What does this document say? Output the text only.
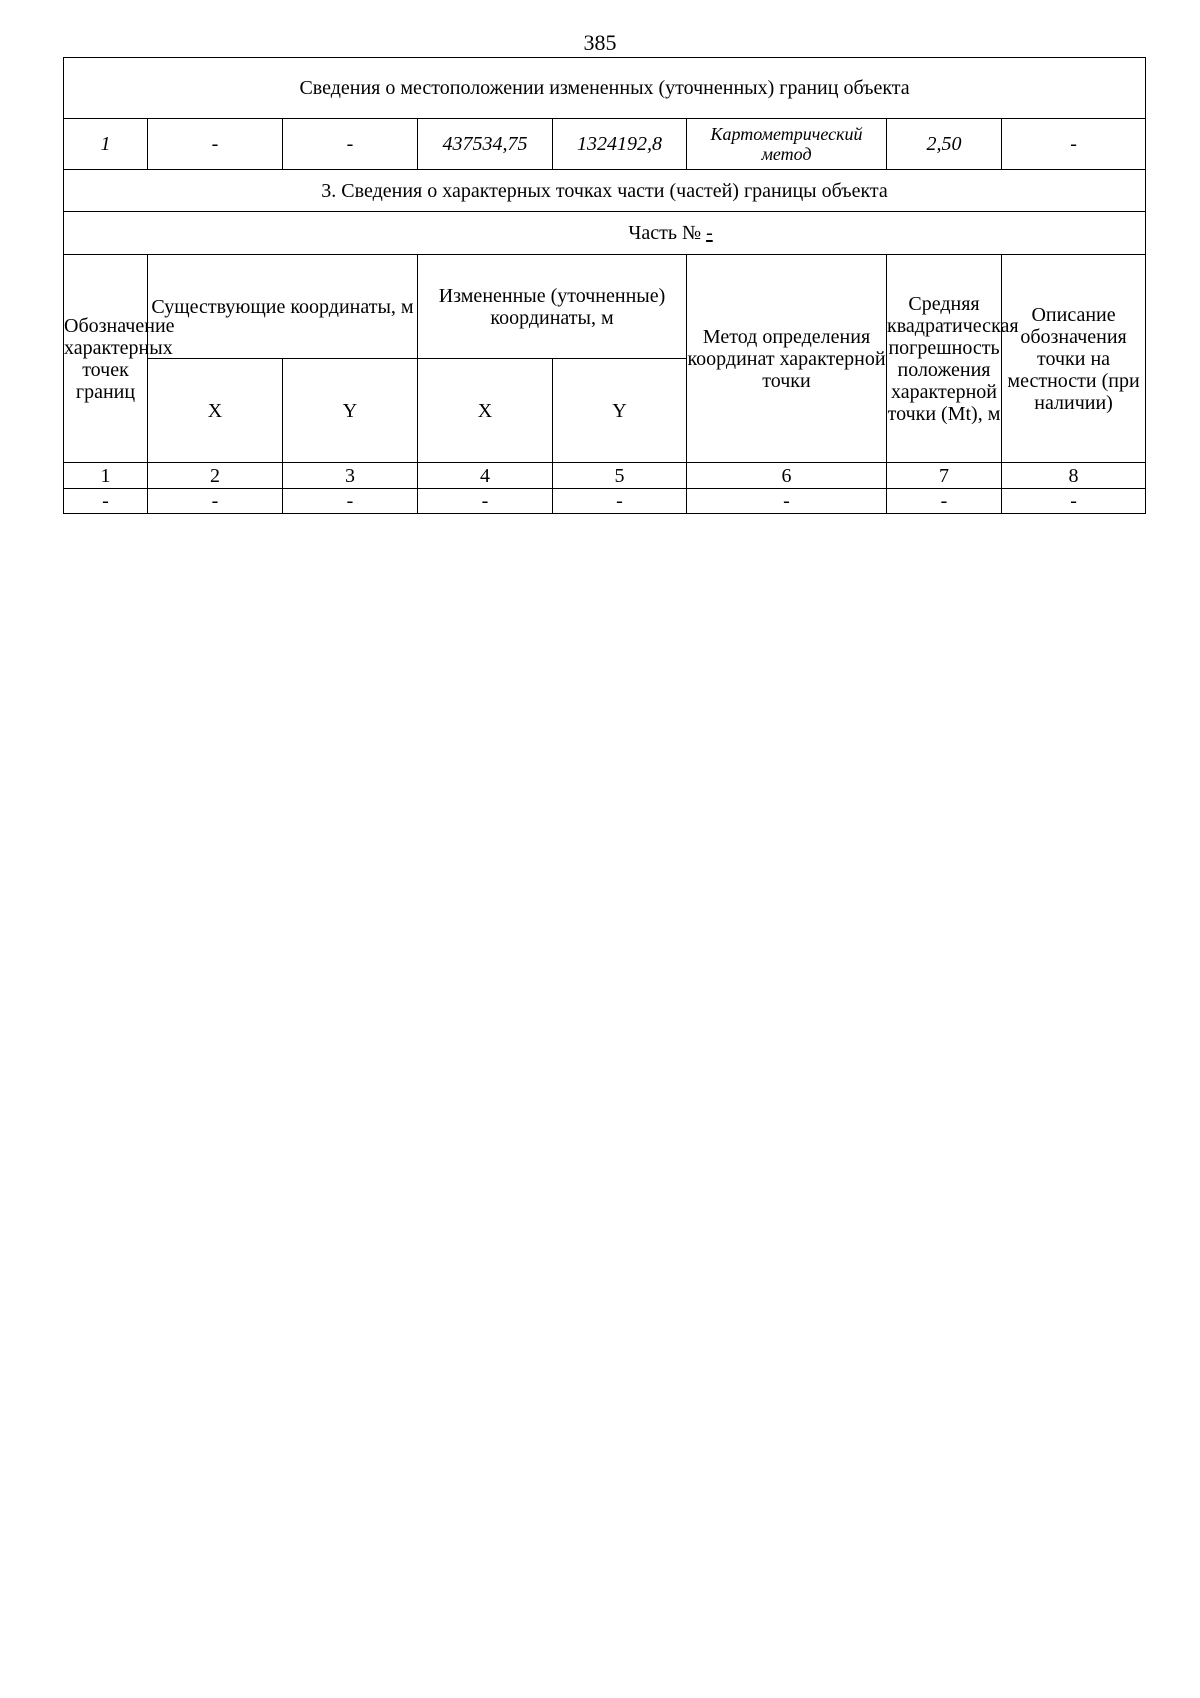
385
Сведения о местоположении измененных (уточненных) границ объекта							
1	-	-	437534,75	1324192,8	Картометрический метод	2,50	-
3. Сведения о характерных точках части (частей) границы объекта							
Часть № -							
Обозначение характерных точек границ	Существующие координаты, м		Измененные (уточненные) координаты, м		Метод определения координат характерной точки	Средняя квадратическая погрешность положения характерной точки (Mt), м	Описание обозначения точки на местности (при наличии)
	X	Y	X	Y			
1	2	3	4	5	6	7	8
-	-	-	-	-	-	-	-
